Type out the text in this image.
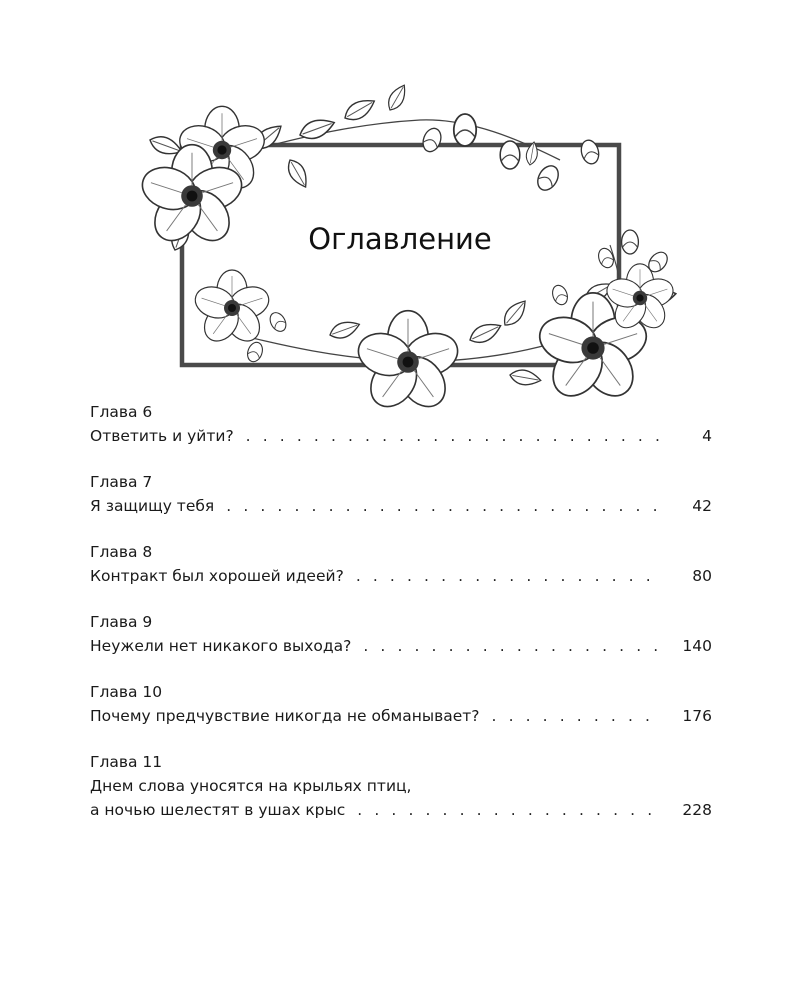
Оглавление
Глава 6
Ответить и уйти? . . .	4
Глава 7
Я защищу тебя . . .	42
Глава 8
Контракт был хорошей идеей? . . .	80
Глава 9
Неужели нет никакого выхода? . . .	140
Глава 10
Почему предчувствие никогда не обманывает? . . .	176
Глава 11
Днем слова уносятся на крыльях птиц,
а ночью шелестят в ушах крыс . . .	228
